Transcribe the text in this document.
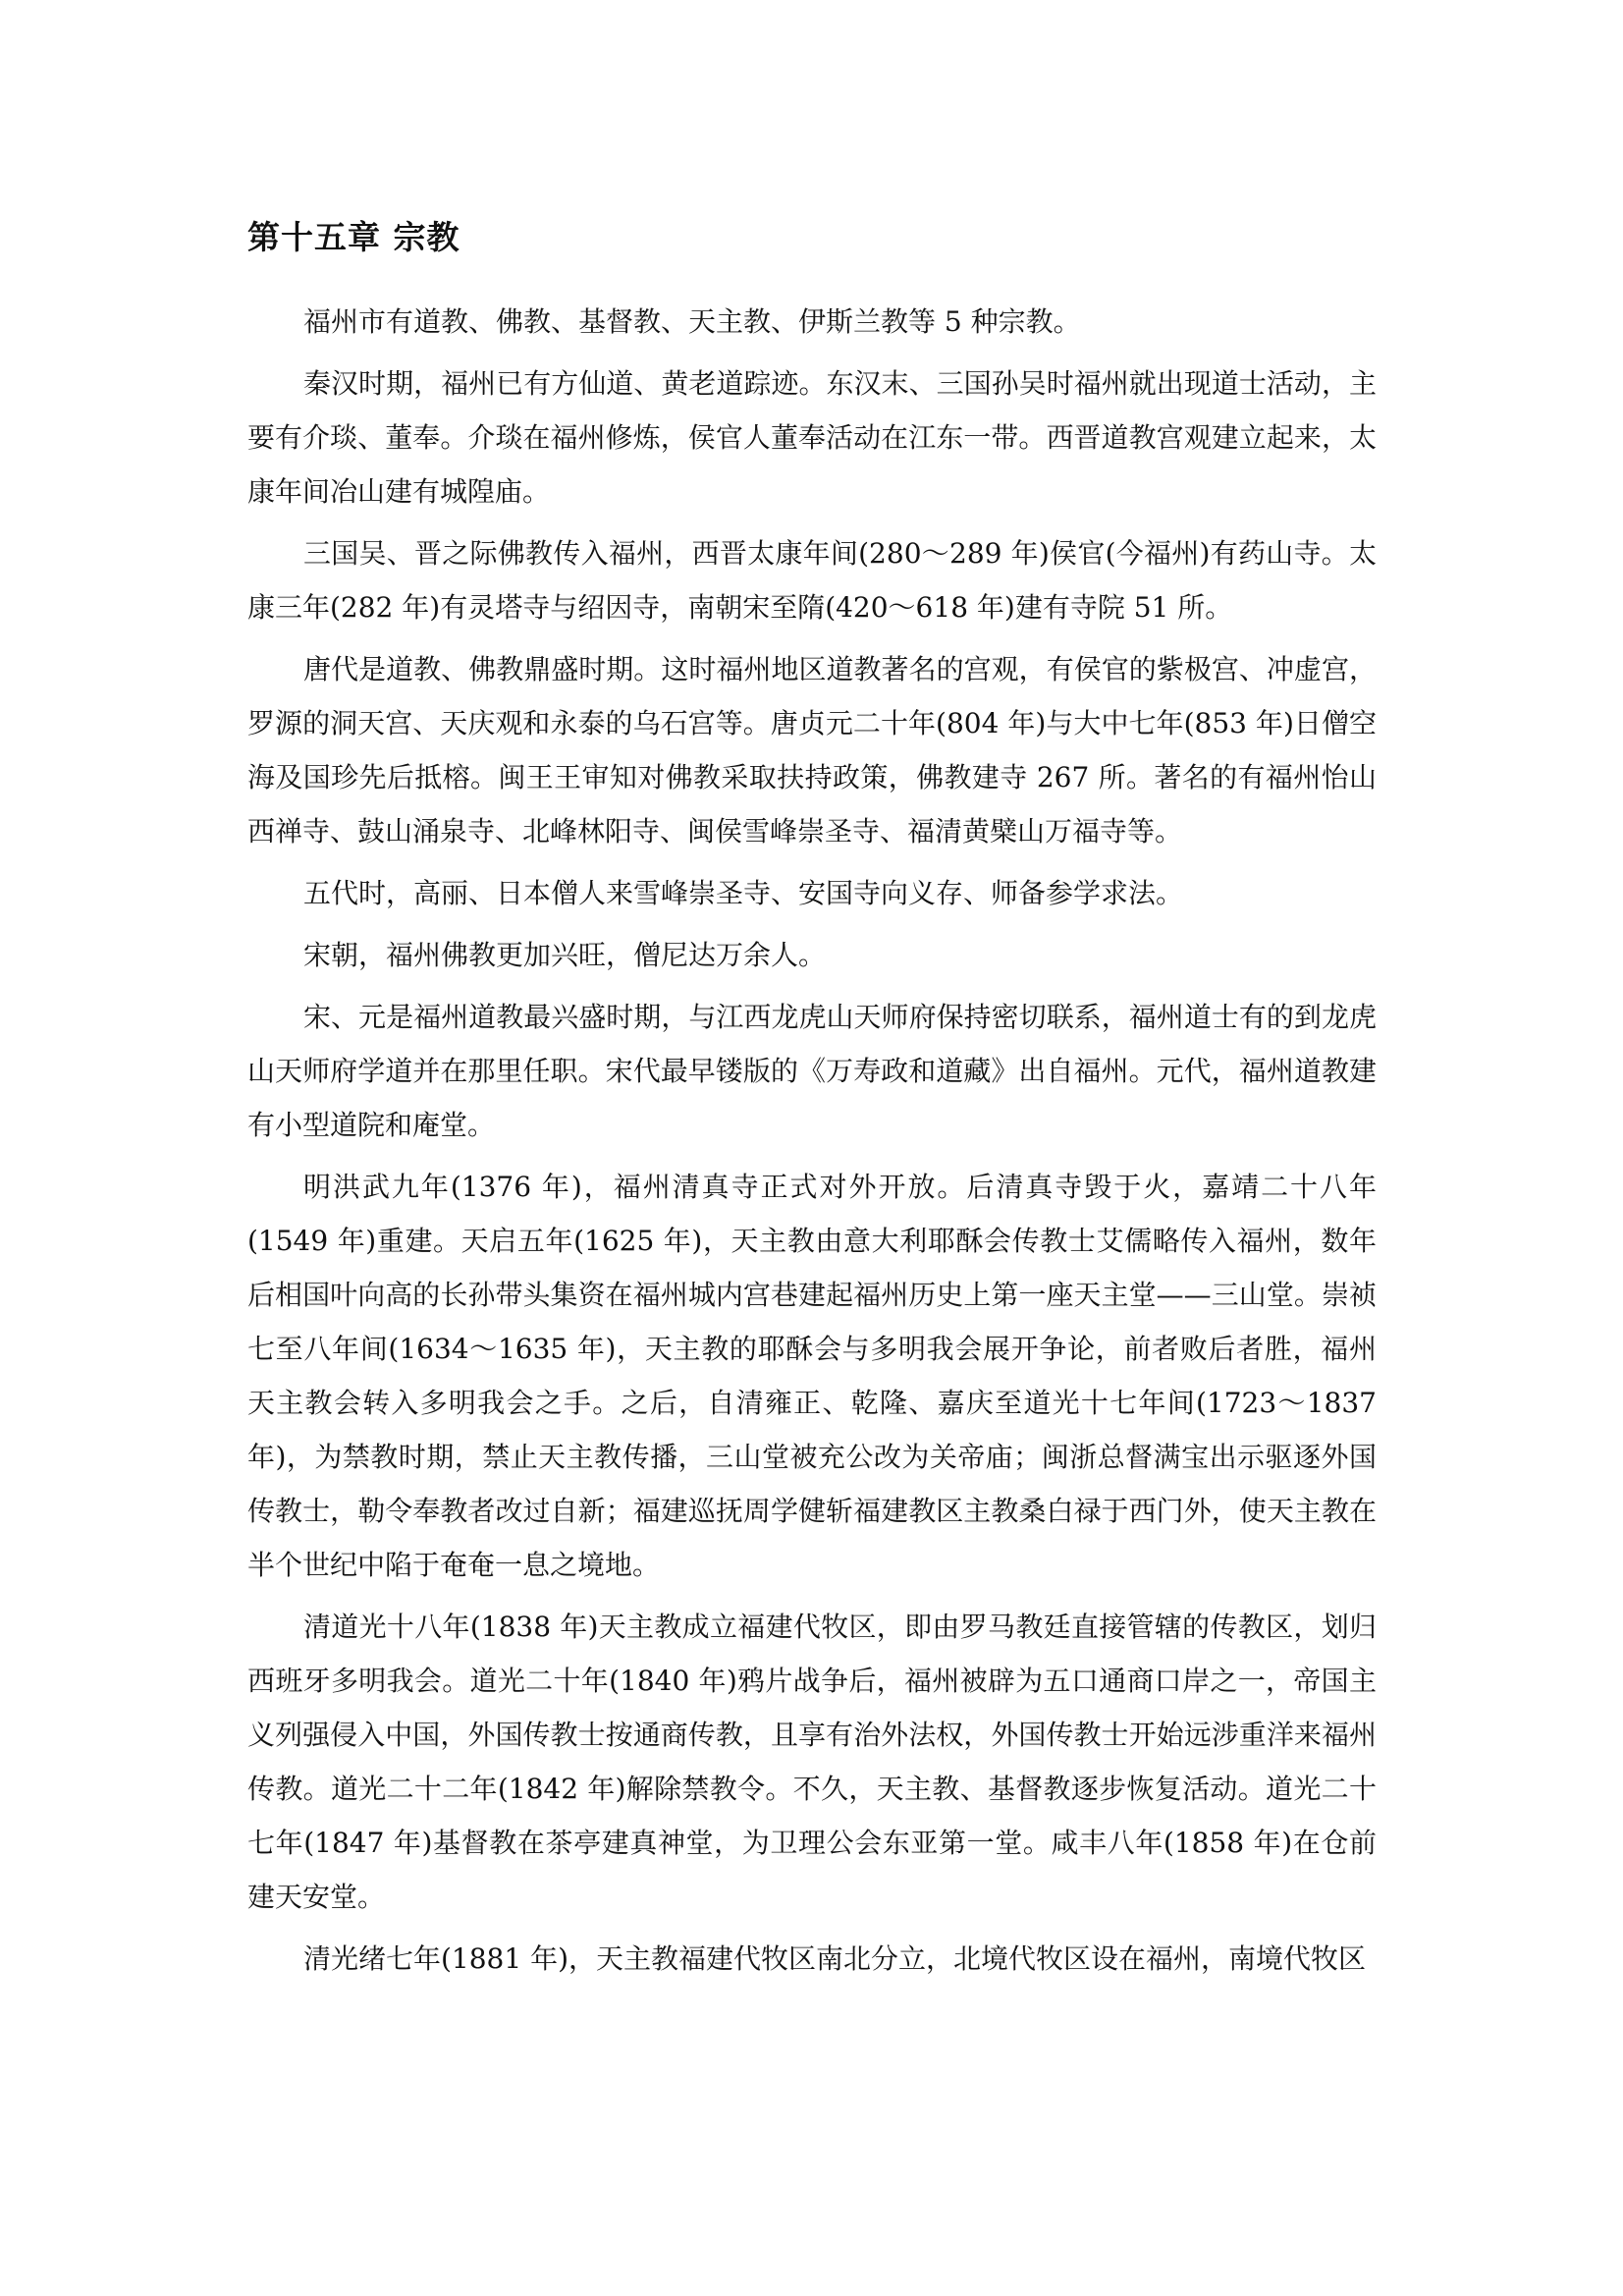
第十五章 宗教

福州市有道教、佛教、基督教、天主教、伊斯兰教等 5 种宗教。

秦汉时期，福州已有方仙道、黄老道踪迹。东汉末、三国孙吴时福州就出现道士活动，主要有介琰、董奉。介琰在福州修炼，侯官人董奉活动在江东一带。西晋道教宫观建立起来，太康年间冶山建有城隍庙。

三国吴、晋之际佛教传入福州，西晋太康年间(280～289 年)侯官(今福州)有药山寺。太康三年(282 年)有灵塔寺与绍因寺，南朝宋至隋(420～618 年)建有寺院 51 所。

唐代是道教、佛教鼎盛时期。这时福州地区道教著名的宫观，有侯官的紫极宫、冲虚宫，罗源的洞天宫、天庆观和永泰的乌石宫等。唐贞元二十年(804 年)与大中七年(853 年)日僧空海及国珍先后抵榕。闽王王审知对佛教采取扶持政策，佛教建寺 267 所。著名的有福州怡山西禅寺、鼓山涌泉寺、北峰林阳寺、闽侯雪峰崇圣寺、福清黄檗山万福寺等。

五代时，高丽、日本僧人来雪峰崇圣寺、安国寺向义存、师备参学求法。

宋朝，福州佛教更加兴旺，僧尼达万余人。

宋、元是福州道教最兴盛时期，与江西龙虎山天师府保持密切联系，福州道士有的到龙虎山天师府学道并在那里任职。宋代最早镂版的《万寿政和道藏》出自福州。元代，福州道教建有小型道院和庵堂。

明洪武九年(1376 年)，福州清真寺正式对外开放。后清真寺毁于火，嘉靖二十八年(1549 年)重建。天启五年(1625 年)，天主教由意大利耶酥会传教士艾儒略传入福州，数年后相国叶向高的长孙带头集资在福州城内宫巷建起福州历史上第一座天主堂——三山堂。崇祯七至八年间(1634～1635 年)，天主教的耶酥会与多明我会展开争论，前者败后者胜，福州天主教会转入多明我会之手。之后，自清雍正、乾隆、嘉庆至道光十七年间(1723～1837 年)，为禁教时期，禁止天主教传播，三山堂被充公改为关帝庙；闽浙总督满宝出示驱逐外国传教士，勒令奉教者改过自新；福建巡抚周学健斩福建教区主教桑白禄于西门外，使天主教在半个世纪中陷于奄奄一息之境地。

清道光十八年(1838 年)天主教成立福建代牧区，即由罗马教廷直接管辖的传教区，划归西班牙多明我会。道光二十年(1840 年)鸦片战争后，福州被辟为五口通商口岸之一，帝国主义列强侵入中国，外国传教士按通商传教，且享有治外法权，外国传教士开始远涉重洋来福州传教。道光二十二年(1842 年)解除禁教令。不久，天主教、基督教逐步恢复活动。道光二十七年(1847 年)基督教在茶亭建真神堂，为卫理公会东亚第一堂。咸丰八年(1858 年)在仓前建天安堂。

清光绪七年(1881 年)，天主教福建代牧区南北分立，北境代牧区设在福州，南境代牧区
